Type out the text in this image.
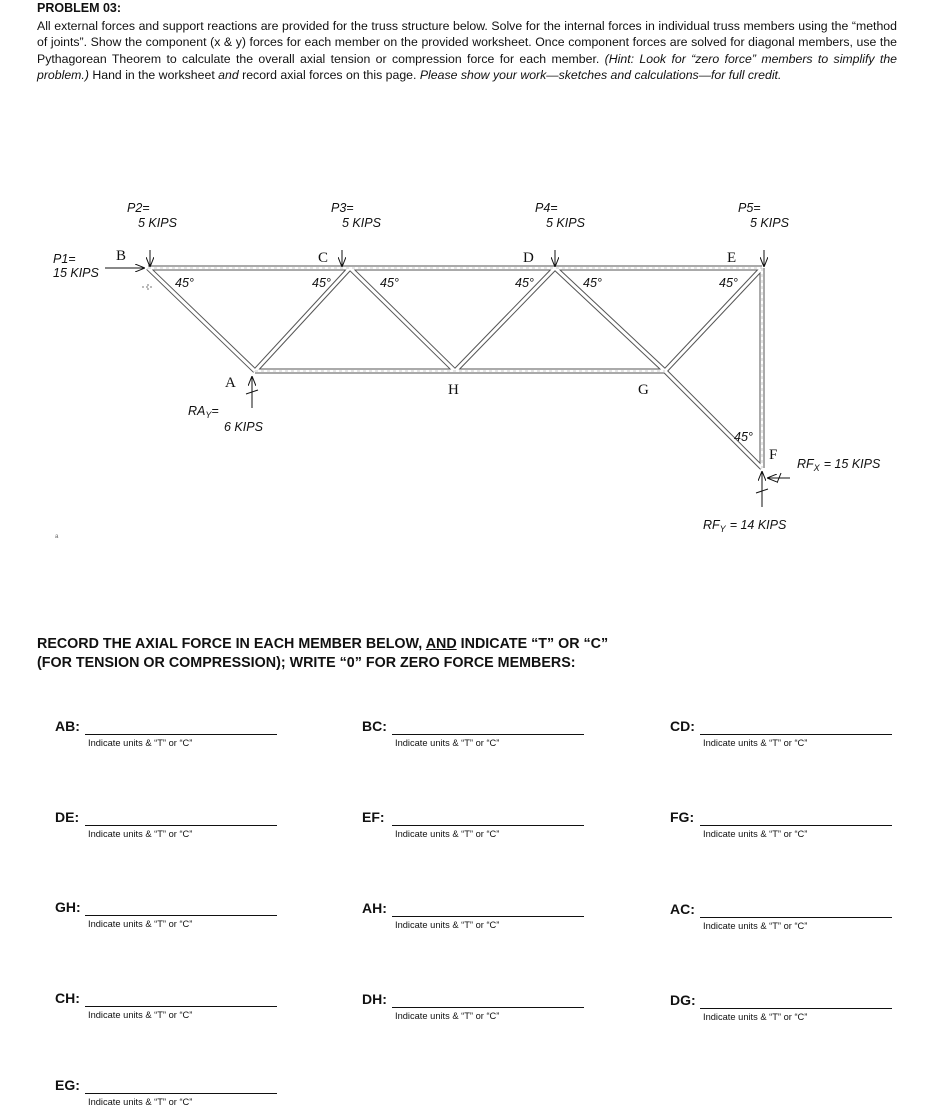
PROBLEM 03:
All external forces and support reactions are provided for the truss structure below. Solve for the internal forces in individual truss members using the “method of joints”. Show the component (x & y) forces for each member on the provided worksheet. Once component forces are solved for diagonal members, use the Pythagorean Theorem to calculate the overall axial tension or compression force for each member. (Hint: Look for “zero force” members to simplify the problem.) Hand in the worksheet and record axial forces on this page. Please show your work—sketches and calculations—for full credit.
B	C	D	E
A	H	G
F
P1=
15 KIPS
P2=
5 KIPS
P3=
5 KIPS
P4=
5 KIPS
P5=
5 KIPS
45°	45°	45°	45°	45°	45°
45°
$RA_Y=$
6 KIPS
$RF_X = 15$ KIPS
$RF_Y = 14$ KIPS
ᵃ
RECORD THE AXIAL FORCE IN EACH MEMBER BELOW, AND INDICATE “T” OR “C”
(FOR TENSION OR COMPRESSION); WRITE “0” FOR ZERO FORCE MEMBERS:
AB:
Indicate units & “T” or “C”
BC:
Indicate units & “T” or “C”
CD:
Indicate units & “T” or “C”
DE:
Indicate units & “T” or “C”
EF:
Indicate units & “T” or “C”
FG:
Indicate units & “T” or “C”
GH:
Indicate units & “T” or “C”
AH:
Indicate units & “T” or “C”
AC:
Indicate units & “T” or “C”
CH:
Indicate units & “T” or “C”
DH:
Indicate units & “T” or “C”
DG:
Indicate units & “T” or “C”
EG:
Indicate units & “T” or “C”
